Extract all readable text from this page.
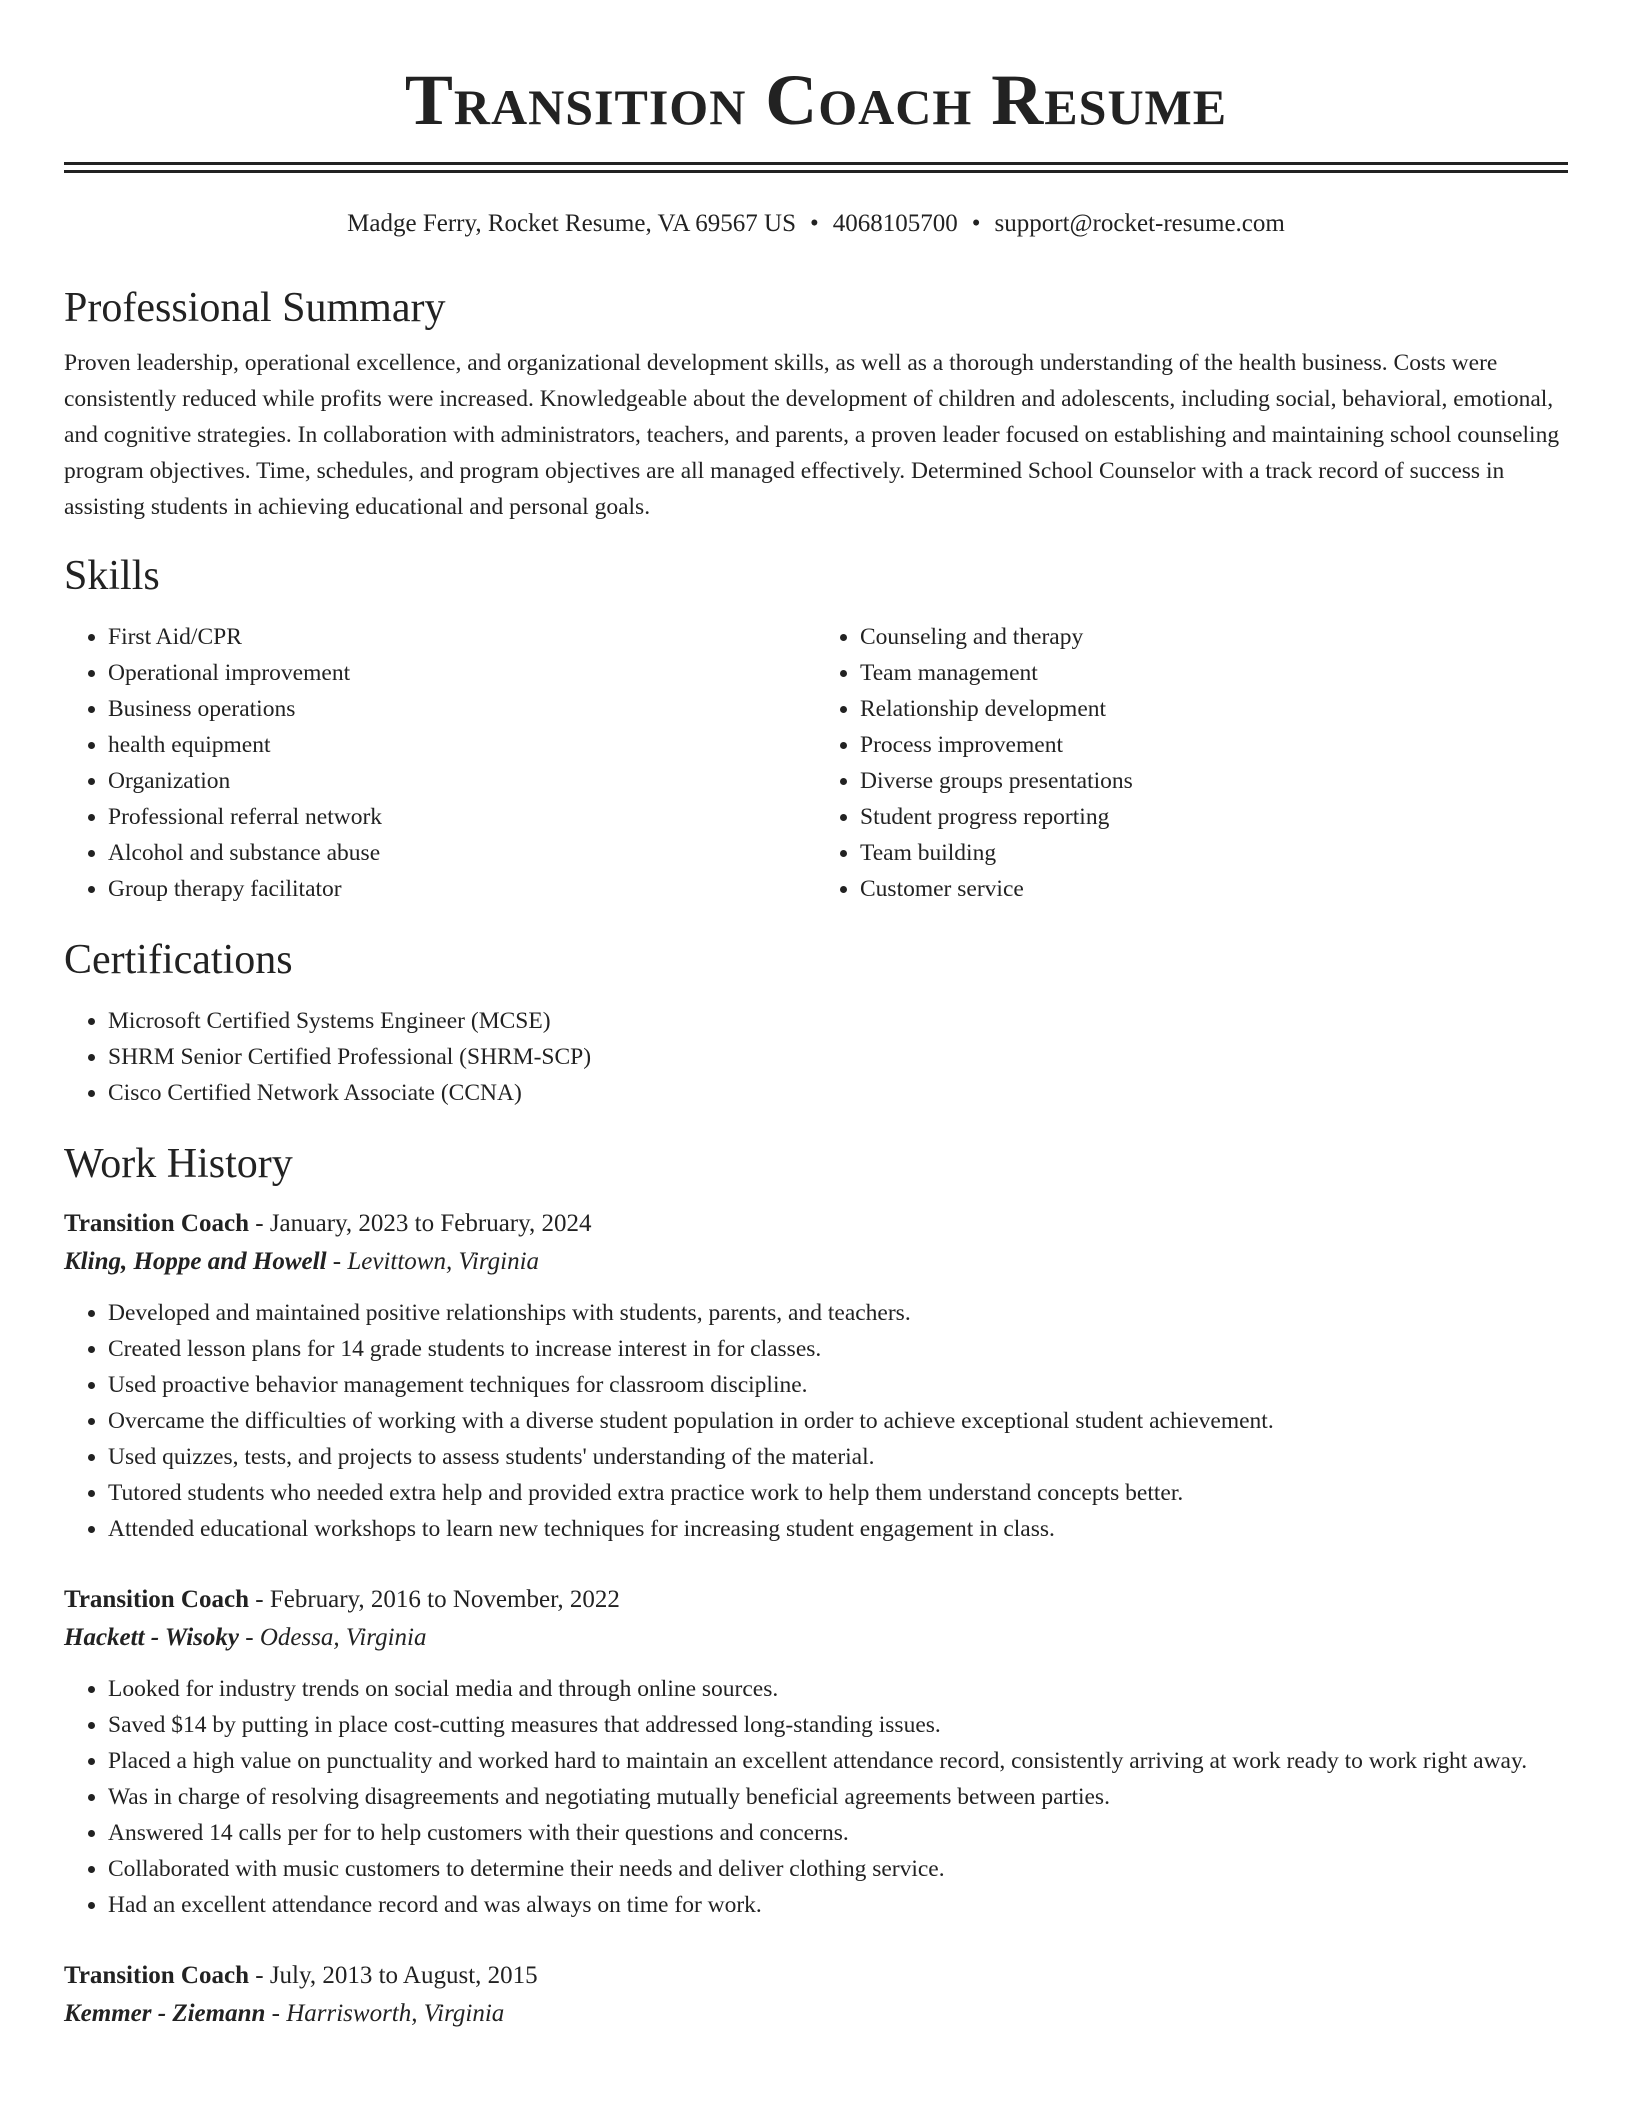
Transition Coach Resume
Madge Ferry, Rocket Resume, VA 69567 US • 4068105700 • support@rocket-resume.com
Professional Summary

Proven leadership, operational excellence, and organizational development skills, as well as a thorough understanding of the health business. Costs were consistently reduced while profits were increased. Knowledgeable about the development of children and adolescents, including social, behavioral, emotional, and cognitive strategies. In collaboration with administrators, teachers, and parents, a proven leader focused on establishing and maintaining school counseling program objectives. Time, schedules, and program objectives are all managed effectively. Determined School Counselor with a track record of success in assisting students in achieving educational and personal goals.

Skills
• First Aid/CPR
• Operational improvement
• Business operations
• health equipment
• Organization
• Professional referral network
• Alcohol and substance abuse
• Group therapy facilitator
• Counseling and therapy
• Team management
• Relationship development
• Process improvement
• Diverse groups presentations
• Student progress reporting
• Team building
• Customer service
Certifications
• Microsoft Certified Systems Engineer (MCSE)
• SHRM Senior Certified Professional (SHRM-SCP)
• Cisco Certified Network Associate (CCNA)
Work History
Transition Coach - January, 2023 to February, 2024
Kling, Hoppe and Howell - Levittown, Virginia
• Developed and maintained positive relationships with students, parents, and teachers.
• Created lesson plans for 14 grade students to increase interest in for classes.
• Used proactive behavior management techniques for classroom discipline.
• Overcame the difficulties of working with a diverse student population in order to achieve exceptional student achievement.
• Used quizzes, tests, and projects to assess students' understanding of the material.
• Tutored students who needed extra help and provided extra practice work to help them understand concepts better.
• Attended educational workshops to learn new techniques for increasing student engagement in class.
Transition Coach - February, 2016 to November, 2022
Hackett - Wisoky - Odessa, Virginia
• Looked for industry trends on social media and through online sources.
• Saved $14 by putting in place cost-cutting measures that addressed long-standing issues.
• Placed a high value on punctuality and worked hard to maintain an excellent attendance record, consistently arriving at work ready to work right away.
• Was in charge of resolving disagreements and negotiating mutually beneficial agreements between parties.
• Answered 14 calls per for to help customers with their questions and concerns.
• Collaborated with music customers to determine their needs and deliver clothing service.
• Had an excellent attendance record and was always on time for work.
Transition Coach - July, 2013 to August, 2015
Kemmer - Ziemann - Harrisworth, Virginia
